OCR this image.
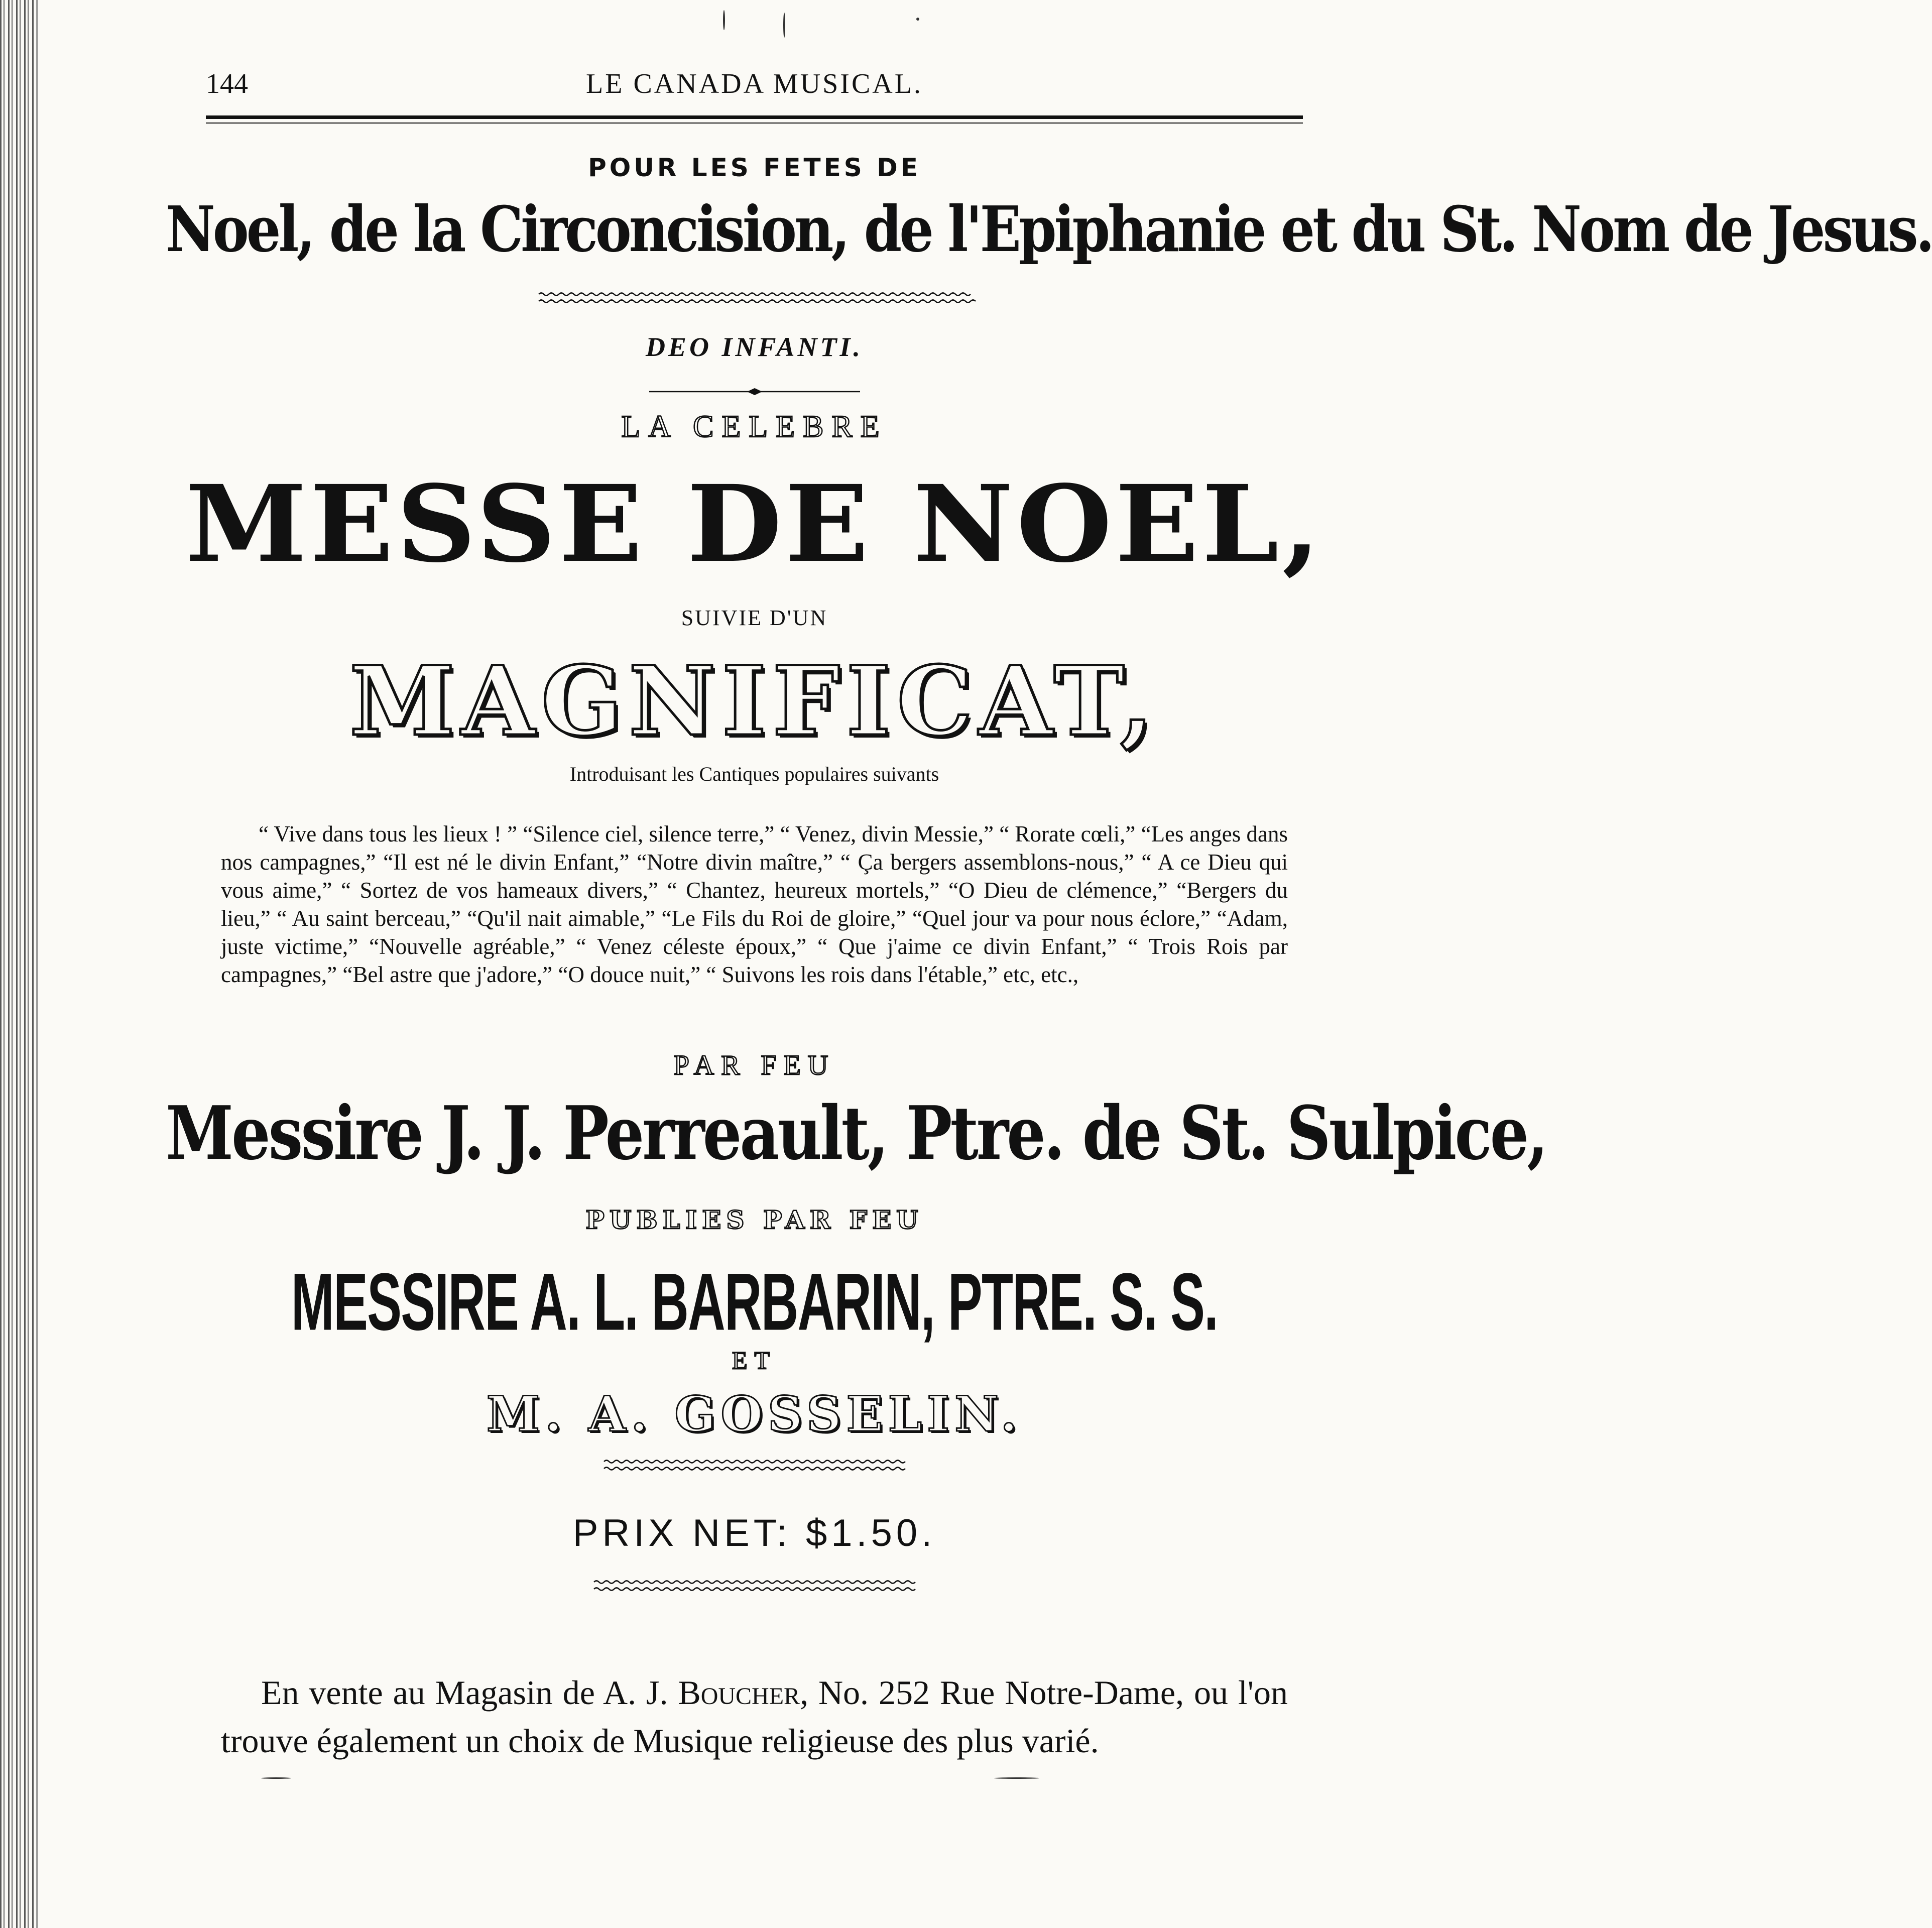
144	LE CANADA MUSICAL.
POUR LES FETES DE
Noel, de la Circoncision, de l'Epiphanie et du St. Nom de Jesus.
DEO INFANTI.
LA CELEBRE
MESSE DE NOEL,
SUIVIE D'UN
MAGNIFICAT,
Introduisant les Cantiques populaires suivants

“ Vive dans tous les lieux ! ” “Silence ciel, silence terre,” “ Venez, divin Messie,” “ Rorate cœli,” “Les anges dans nos campagnes,” “Il est né le divin Enfant,” “Notre divin maître,” “ Ça bergers assemblons-nous,” “ A ce Dieu qui vous aime,” “ Sortez de vos hameaux divers,” “ Chantez, heureux mortels,” “O Dieu de clémence,” “Bergers du lieu,” “ Au saint berceau,” “Qu'il nait aimable,” “Le Fils du Roi de gloire,” “Quel jour va pour nous éclore,” “Adam, juste victime,” “Nouvelle agréable,” “ Venez céleste époux,” “ Que j'aime ce divin Enfant,” “ Trois Rois par campagnes,” “Bel astre que j'adore,” “O douce nuit,” “ Suivons les rois dans l'étable,” etc, etc.,

PAR FEU
Messire J. J. Perreault, Ptre. de St. Sulpice,
PUBLIES PAR FEU
MESSIRE A. L. BARBARIN, PTRE. S. S.
ET
M. A. GOSSELIN.
PRIX NET: $1.50.

En vente au Magasin de A. J. Boucher, No. 252 Rue Notre-Dame, ou l'on trouve également un choix de Musique religieuse des plus varié.
